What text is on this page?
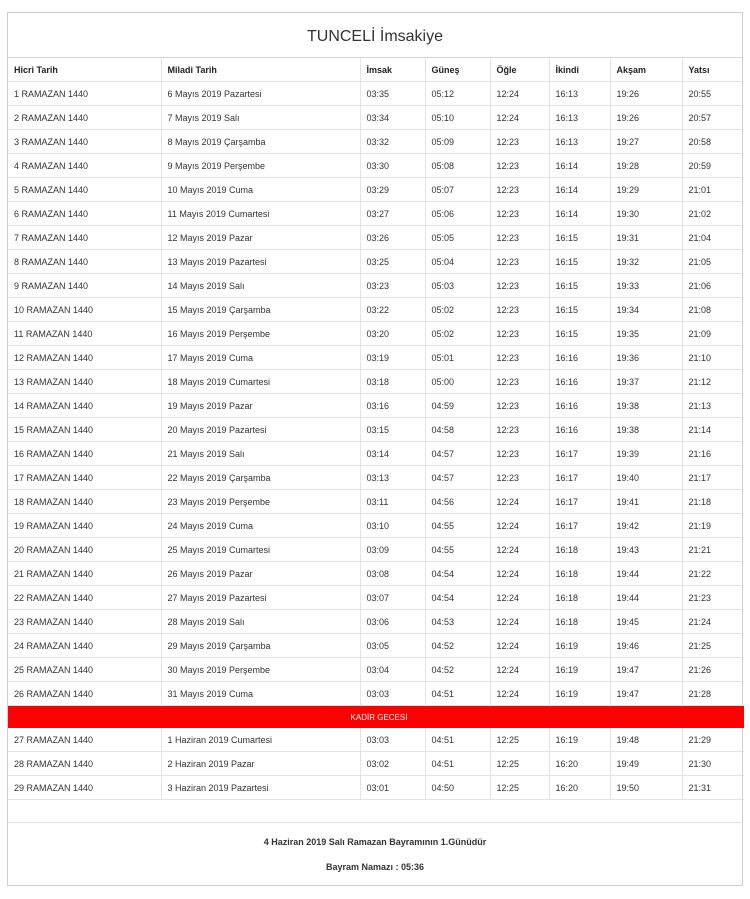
TUNCELİ İmsakiye
Hicri Tarih	Miladi Tarih	İmsak	Güneş	Öğle	İkindi	Akşam	Yatsı
1 RAMAZAN 1440	6 Mayıs 2019 Pazartesi	03:35	05:12	12:24	16:13	19:26	20:55
2 RAMAZAN 1440	7 Mayıs 2019 Salı	03:34	05:10	12:24	16:13	19:26	20:57
3 RAMAZAN 1440	8 Mayıs 2019 Çarşamba	03:32	05:09	12:23	16:13	19:27	20:58
4 RAMAZAN 1440	9 Mayıs 2019 Perşembe	03:30	05:08	12:23	16:14	19:28	20:59
5 RAMAZAN 1440	10 Mayıs 2019 Cuma	03:29	05:07	12:23	16:14	19:29	21:01
6 RAMAZAN 1440	11 Mayıs 2019 Cumartesi	03:27	05:06	12:23	16:14	19:30	21:02
7 RAMAZAN 1440	12 Mayıs 2019 Pazar	03:26	05:05	12:23	16:15	19:31	21:04
8 RAMAZAN 1440	13 Mayıs 2019 Pazartesi	03:25	05:04	12:23	16:15	19:32	21:05
9 RAMAZAN 1440	14 Mayıs 2019 Salı	03:23	05:03	12:23	16:15	19:33	21:06
10 RAMAZAN 1440	15 Mayıs 2019 Çarşamba	03:22	05:02	12:23	16:15	19:34	21:08
11 RAMAZAN 1440	16 Mayıs 2019 Perşembe	03:20	05:02	12:23	16:15	19:35	21:09
12 RAMAZAN 1440	17 Mayıs 2019 Cuma	03:19	05:01	12:23	16:16	19:36	21:10
13 RAMAZAN 1440	18 Mayıs 2019 Cumartesi	03:18	05:00	12:23	16:16	19:37	21:12
14 RAMAZAN 1440	19 Mayıs 2019 Pazar	03:16	04:59	12:23	16:16	19:38	21:13
15 RAMAZAN 1440	20 Mayıs 2019 Pazartesi	03:15	04:58	12:23	16:16	19:38	21:14
16 RAMAZAN 1440	21 Mayıs 2019 Salı	03:14	04:57	12:23	16:17	19:39	21:16
17 RAMAZAN 1440	22 Mayıs 2019 Çarşamba	03:13	04:57	12:23	16:17	19:40	21:17
18 RAMAZAN 1440	23 Mayıs 2019 Perşembe	03:11	04:56	12:24	16:17	19:41	21:18
19 RAMAZAN 1440	24 Mayıs 2019 Cuma	03:10	04:55	12:24	16:17	19:42	21:19
20 RAMAZAN 1440	25 Mayıs 2019 Cumartesi	03:09	04:55	12:24	16:18	19:43	21:21
21 RAMAZAN 1440	26 Mayıs 2019 Pazar	03:08	04:54	12:24	16:18	19:44	21:22
22 RAMAZAN 1440	27 Mayıs 2019 Pazartesi	03:07	04:54	12:24	16:18	19:44	21:23
23 RAMAZAN 1440	28 Mayıs 2019 Salı	03:06	04:53	12:24	16:18	19:45	21:24
24 RAMAZAN 1440	29 Mayıs 2019 Çarşamba	03:05	04:52	12:24	16:19	19:46	21:25
25 RAMAZAN 1440	30 Mayıs 2019 Perşembe	03:04	04:52	12:24	16:19	19:47	21:26
26 RAMAZAN 1440	31 Mayıs 2019 Cuma	03:03	04:51	12:24	16:19	19:47	21:28
KADİR GECESİ							
27 RAMAZAN 1440	1 Haziran 2019 Cumartesi	03:03	04:51	12:25	16:19	19:48	21:29
28 RAMAZAN 1440	2 Haziran 2019 Pazar	03:02	04:51	12:25	16:20	19:49	21:30
29 RAMAZAN 1440	3 Haziran 2019 Pazartesi	03:01	04:50	12:25	16:20	19:50	21:31
4 Haziran 2019 Salı Ramazan Bayramının 1.Günüdür
Bayram Namazı : 05:36
